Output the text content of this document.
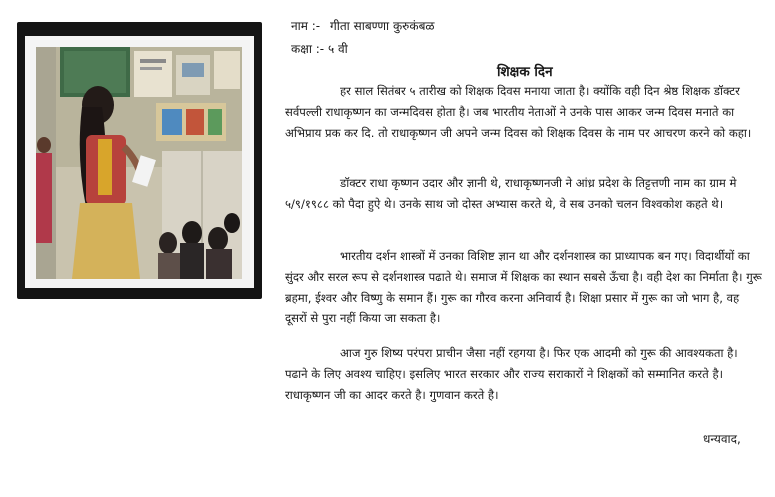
नाम :- गीता साबण्णा कुरुकंबळ
कक्षा :- ५ वी
शिक्षक दिन

हर साल सितंबर ५ तारीख को शिक्षक दिवस मनाया जाता है। क्योंकि वही दिन श्रेष्ठ शिक्षक डॉक्टर सर्वपल्ली राधाकृष्णन का जन्मदिवस होता है। जब भारतीय नेताओं ने उनके पास आकर जन्म दिवस मनाते का अभिप्राय प्रक कर दि. तो राधाकृष्णन जी अपने जन्म दिवस को शिक्षक दिवस के नाम पर आचरण करने को कहा।

डॉक्टर राधा कृष्णन उदार और ज्ञानी थे, राधाकृष्णनजी ने आंध्र प्रदेश के तिट्टत्तणी नाम का ग्राम मे ५/९/१९८८ को पैदा हुऐ थे। उनके साथ जो दोस्त अभ्यास करते थे, वे सब उनको चलन विश्वकोश कहते थे।

भारतीय दर्शन शास्त्रों में उनका विशिष्ट ज्ञान था और दर्शनशास्त्र का प्राध्यापक बन गए। विदार्थीयों का सुंदर और सरल रूप से दर्शनशास्त्र पढाते थे। समाज में शिक्षक का स्थान सबसे ऊँचा है। वही देश का निर्माता है। गुरू ब्रहमा, ईश्वर और विष्णु के समान हैं। गुरू का गौरव करना अनिवार्य है। शिक्षा प्रसार में गुरू का जो भाग है, वह दूसरों से पुरा नहीं किया जा सकता है।

आज गुरु शिष्य परंपरा प्राचीन जैसा नहीं रहगया है। फिर एक आदमी को गुरू की आवश्यकता है। पढाने के लिए अवश्य चाहिए। इसलिए भारत सरकार और राज्य सराकारों ने शिक्षकों को सम्मानित करते है। राधाकृष्णन जी का आदर करते है। गुणवान करते है।

धन्यवाद,
